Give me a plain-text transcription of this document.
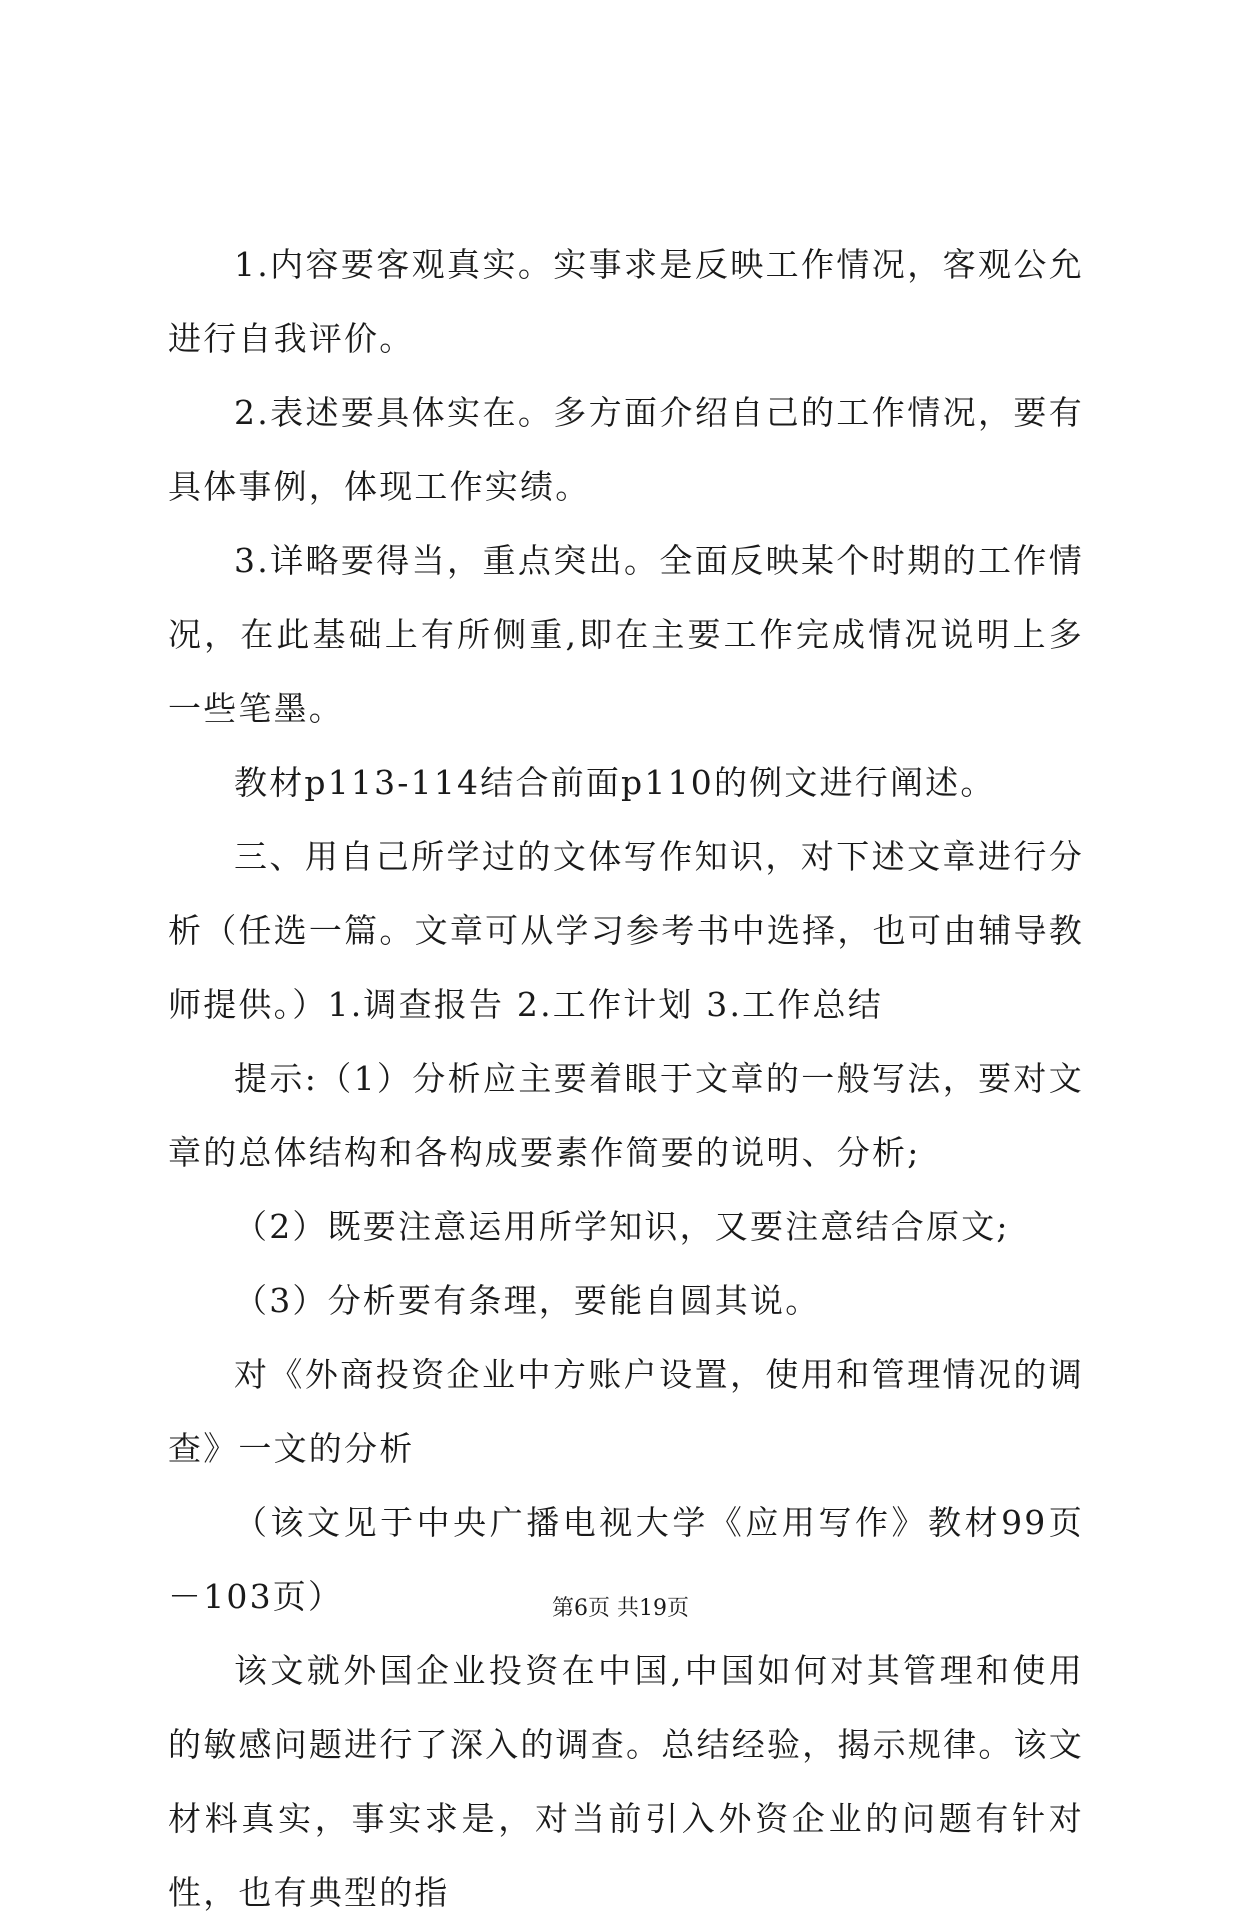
1.内容要客观真实。实事求是反映工作情况，客观公允进行自我评价。

2.表述要具体实在。多方面介绍自己的工作情况，要有具体事例，体现工作实绩。

3.详略要得当，重点突出。全面反映某个时期的工作情况，在此基础上有所侧重,即在主要工作完成情况说明上多一些笔墨。

教材p113-114结合前面p110的例文进行阐述。

三、用自己所学过的文体写作知识，对下述文章进行分析（任选一篇。文章可从学习参考书中选择，也可由辅导教师提供。）1.调查报告 2.工作计划 3.工作总结

提示:（1）分析应主要着眼于文章的一般写法，要对文章的总体结构和各构成要素作简要的说明、分析;

（2）既要注意运用所学知识，又要注意结合原文;

（3）分析要有条理，要能自圆其说。

对《外商投资企业中方账户设置，使用和管理情况的调查》一文的分析

（该文见于中央广播电视大学《应用写作》教材99页－103页）

该文就外国企业投资在中国,中国如何对其管理和使用的敏感问题进行了深入的调查。总结经验，揭示规律。该文材料真实，事实求是，对当前引入外资企业的问题有针对性，也有典型的指

第6页 共19页
